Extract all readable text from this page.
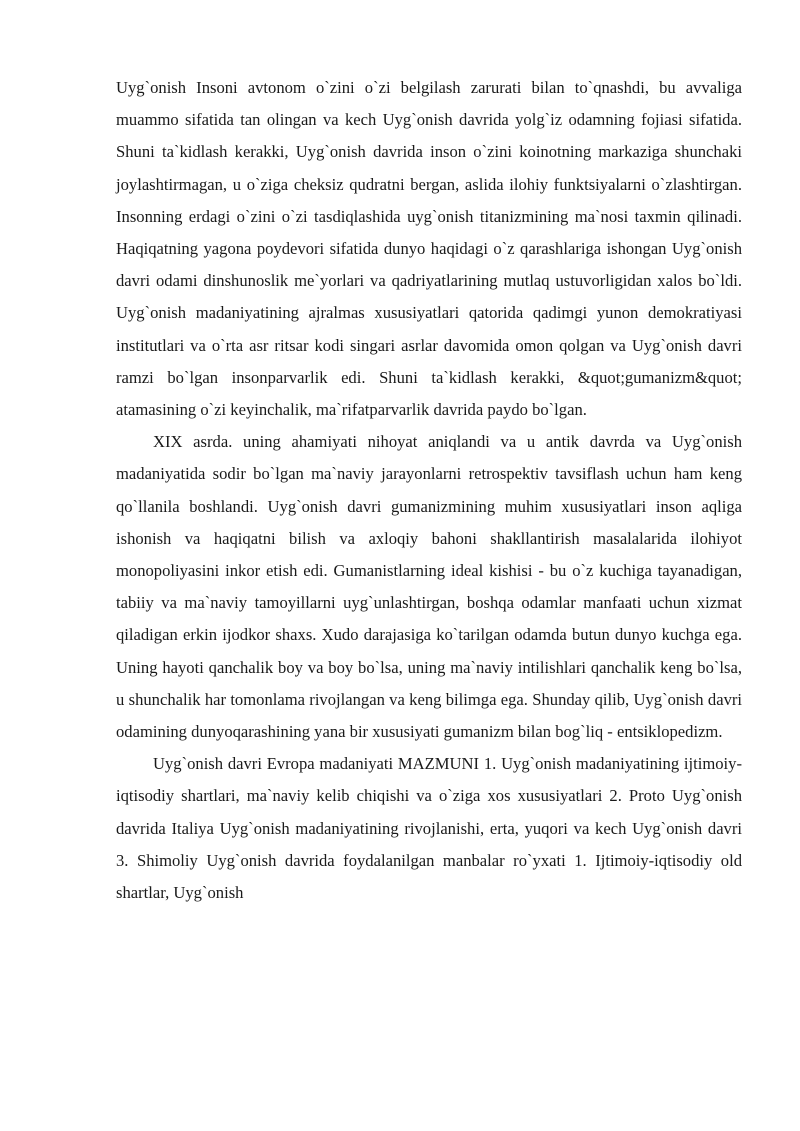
Uyg`onish Insoni avtonom o`zini o`zi belgilash zarurati bilan to`qnashdi, bu avvaliga muammo sifatida tan olingan va kech Uyg`onish davrida yolg`iz odamning fojiasi sifatida. Shuni ta`kidlash kerakki, Uyg`onish davrida inson o`zini koinotning markaziga shunchaki joylashtirmagan, u o`ziga cheksiz qudratni bergan, aslida ilohiy funktsiyalarni o`zlashtirgan. Insonning erdagi o`zini o`zi tasdiqlashida uyg`onish titanizmining ma`nosi taxmin qilinadi. Haqiqatning yagona poydevori sifatida dunyo haqidagi o`z qarashlariga ishongan Uyg`onish davri odami dinshunoslik me`yorlari va qadriyatlarining mutlaq ustuvorligidan xalos bo`ldi. Uyg`onish madaniyatining ajralmas xususiyatlari qatorida qadimgi yunon demokratiyasi institutlari va o`rta asr ritsar kodi singari asrlar davomida omon qolgan va Uyg`onish davri ramzi bo`lgan insonparvarlik edi. Shuni ta`kidlash kerakki, &quot;gumanizm&quot; atamasining o`zi keyinchalik, ma`rifatparvarlik davrida paydo bo`lgan.

XIX asrda. uning ahamiyati nihoyat aniqlandi va u antik davrda va Uyg`onish madaniyatida sodir bo`lgan ma`naviy jarayonlarni retrospektiv tavsiflash uchun ham keng qo`llanila boshlandi. Uyg`onish davri gumanizmining muhim xususiyatlari inson aqliga ishonish va haqiqatni bilish va axloqiy bahoni shakllantirish masalalarida ilohiyot monopoliyasini inkor etish edi. Gumanistlarning ideal kishisi - bu o`z kuchiga tayanadigan, tabiiy va ma`naviy tamoyillarni uyg`unlashtirgan, boshqa odamlar manfaati uchun xizmat qiladigan erkin ijodkor shaxs. Xudo darajasiga ko`tarilgan odamda butun dunyo kuchga ega. Uning hayoti qanchalik boy va boy bo`lsa, uning ma`naviy intilishlari qanchalik keng bo`lsa, u shunchalik har tomonlama rivojlangan va keng bilimga ega. Shunday qilib, Uyg`onish davri odamining dunyoqarashining yana bir xususiyati gumanizm bilan bog`liq - entsiklopedizm.

Uyg`onish davri Evropa madaniyati MAZMUNI 1. Uyg`onish madaniyatining ijtimoiy-iqtisodiy shartlari, ma`naviy kelib chiqishi va o`ziga xos xususiyatlari 2. Proto Uyg`onish davrida Italiya Uyg`onish madaniyatining rivojlanishi, erta, yuqori va kech Uyg`onish davri 3. Shimoliy Uyg`onish davrida foydalanilgan manbalar ro`yxati 1. Ijtimoiy-iqtisodiy old shartlar, Uyg`onish
